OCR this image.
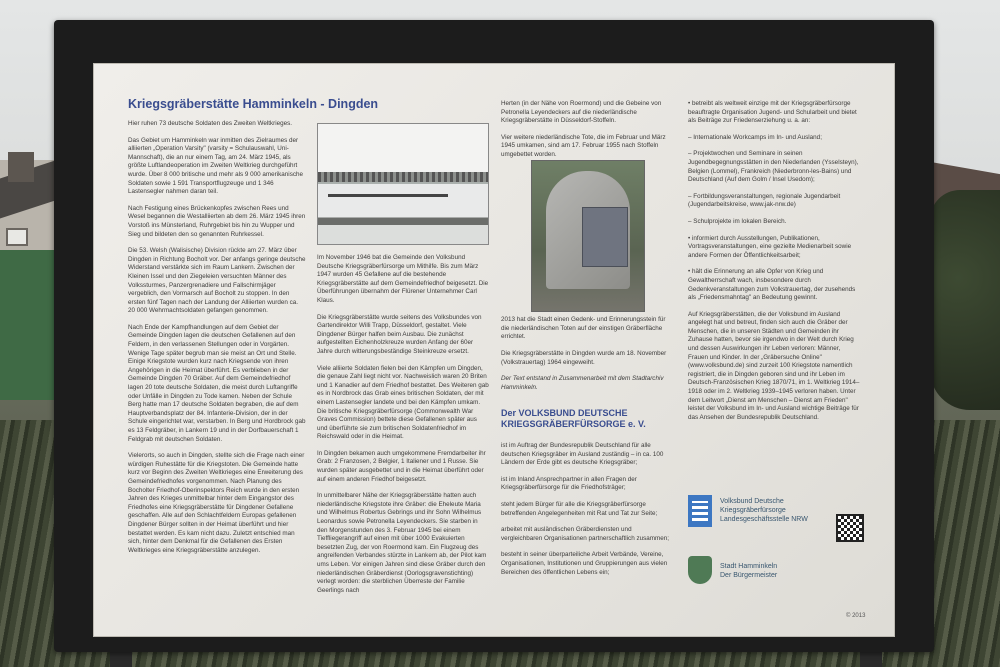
Kriegsgräberstätte Hamminkeln - Dingden

Hier ruhen 73 deutsche Soldaten des Zweiten Weltkrieges.

Das Gebiet um Hamminkeln war inmitten des Zielraumes der alliierten „Operation Varsity" (varsity = Schulauswahl, Uni-Mannschaft), die an nur einem Tag, am 24. März 1945, als größte Luftlandeoperation im Zweiten Weltkrieg durchgeführt wurde. Über 8 000 britische und mehr als 9 000 amerikanische Soldaten sowie 1 591 Transportflugzeuge und 1 346 Lastensegler nahmen daran teil.

Nach Festigung eines Brückenkopfes zwischen Rees und Wesel begannen die Westalliierten ab dem 26. März 1945 ihren Vorstoß ins Münsterland, Ruhrgebiet bis hin zu Wupper und Sieg und bildeten den so genannten Ruhrkessel.

Die 53. Welsh (Walisische) Division rückte am 27. März über Dingden in Richtung Bocholt vor. Der anfangs geringe deutsche Widerstand verstärkte sich im Raum Lankern. Zwischen der Kleinen Issel und den Ziegeleien versuchten Männer des Volkssturmes, Panzergrenadiere und Fallschirmjäger vergeblich, den Vormarsch auf Bocholt zu stoppen. In den ersten fünf Tagen nach der Landung der Alliierten wurden ca. 20 000 Wehrmachtsoldaten gefangen genommen.

Nach Ende der Kampfhandlungen auf dem Gebiet der Gemeinde Dingden lagen die deutschen Gefallenen auf den Feldern, in den verlassenen Stellungen oder in Vorgärten. Wenige Tage später begrub man sie meist an Ort und Stelle. Einige Kriegstote wurden kurz nach Kriegsende von ihren Angehörigen in die Heimat überführt. Es verblieben in der Gemeinde Dingden 70 Gräber. Auf dem Gemeindefriedhof lagen 20 tote deutsche Soldaten, die meist durch Luftangriffe oder Unfälle in Dingden zu Tode kamen. Neben der Schule Berg hatte man 17 deutsche Soldaten begraben, die auf dem Hauptverbandsplatz der 84. Infanterie-Division, der in der Schule eingerichtet war, verstarben. In Berg und Hordbrock gab es 13 Feldgräber, in Lankern 19 und in der Dorfbauerschaft 1 Feldgrab mit deutschen Soldaten.

Vielerorts, so auch in Dingden, stellte sich die Frage nach einer würdigen Ruhestätte für die Kriegstoten. Die Gemeinde hatte kurz vor Beginn des Zweiten Weltkrieges eine Erweiterung des Gemeindefriedhofes vorgenommen. Nach Planung des Bocholter Friedhof-Oberinspektors Reich wurde in den ersten Jahren des Krieges unmittelbar hinter dem Eingangstor des Friedhofes eine Kriegsgräberstätte für Dingdener Gefallene geschaffen. Alle auf den Schlachtfeldern Europas gefallenen Dingdener Bürger sollten in der Heimat überführt und hier bestattet werden. Es kam nicht dazu. Zuletzt entschied man sich, hinter dem Denkmal für die Gefallenen des Ersten Weltkrieges eine Kriegsgräberstätte anzulegen.

Im November 1946 bat die Gemeinde den Volksbund Deutsche Kriegsgräberfürsorge um Mithilfe. Bis zum März 1947 wurden 45 Gefallene auf die bestehende Kriegsgräberstätte auf dem Gemeindefriedhof beigesetzt. Die Überführungen übernahm der Flürener Unternehmer Carl Klaus.

Die Kriegsgräberstätte wurde seitens des Volksbundes von Gartendirektor Willi Trapp, Düsseldorf, gestaltet. Viele Dingdener Bürger halfen beim Ausbau. Die zunächst aufgestellten Eichenholzkreuze wurden Anfang der 60er Jahre durch witterungsbeständige Steinkreuze ersetzt.

Viele alliierte Soldaten fielen bei den Kämpfen um Dingden, die genaue Zahl liegt nicht vor. Nachweislich waren 20 Briten und 1 Kanadier auf dem Friedhof bestattet. Des Weiteren gab es in Nordbrock das Grab eines britischen Soldaten, der mit einem Lastensegler landete und bei den Kämpfen umkam. Die britische Kriegsgräberfürsorge (Commonwealth War Graves Commission) bettete diese Gefallenen später aus und überführte sie zum britischen Soldatenfriedhof im Reichswald oder in die Heimat.

In Dingden bekamen auch umgekommene Fremdarbeiter ihr Grab: 2 Franzosen, 2 Belgier, 1 Italiener und 1 Russe. Sie wurden später ausgebettet und in die Heimat überführt oder auf einem anderen Friedhof beigesetzt.

In unmittelbarer Nähe der Kriegsgräberstätte hatten auch niederländische Kriegstote ihre Gräber: die Eheleute Maria und Wilhelmus Robertus Gebrings und ihr Sohn Wilhelmus Leonardus sowie Petronella Leyendeckers. Sie starben in den Morgenstunden des 3. Februar 1945 bei einem Tieffliegerangriff auf einen mit über 1000 Evakuierten besetzten Zug, der von Roermond kam. Ein Flugzeug des angreifenden Verbandes stürzte in Lankern ab, der Pilot kam ums Leben. Vor einigen Jahren sind diese Gräber durch den niederländischen Gräberdienst (Oorlogsgravenstichting) verlegt worden: die sterblichen Überreste der Familie Geerlings nach

Herten (in der Nähe von Roermond) und die Gebeine von Petronella Leyendeckers auf die niederländische Kriegsgräberstätte in Düsseldorf-Stoffeln.

Vier weitere niederländische Tote, die im Februar und März 1945 umkamen, sind am 17. Februar 1955 nach Stoffeln umgebettet worden.

2013 hat die Stadt einen Gedenk- und Erinnerungsstein für die niederländischen Toten auf der einstigen Gräberfläche errichtet.

Die Kriegsgräberstätte in Dingden wurde am 18. November (Volkstrauertag) 1964 eingeweiht.

Der Text entstand in Zusammenarbeit mit dem Stadtarchiv Hamminkeln.

Der VOLKSBUND DEUTSCHE KRIEGSGRÄBERFÜRSORGE e. V.

ist im Auftrag der Bundesrepublik Deutschland für alle deutschen Kriegsgräber im Ausland zuständig – in ca. 100 Ländern der Erde gibt es deutsche Kriegsgräber;

ist im Inland Ansprechpartner in allen Fragen der Kriegsgräberfürsorge für die Friedhofsträger;

steht jedem Bürger für alle die Kriegsgräberfürsorge betreffenden Angelegenheiten mit Rat und Tat zur Seite;

arbeitet mit ausländischen Gräberdiensten und vergleichbaren Organisationen partnerschaftlich zusammen;

besteht in seiner überparteiliche Arbeit Verbände, Vereine, Organisationen, Institutionen und Gruppierungen aus vielen Bereichen des öffentlichen Lebens ein;

• betreibt als weltweit einzige mit der Kriegsgräberfürsorge beauftragte Organisation Jugend- und Schularbeit und bietet als Beiträge zur Friedenserziehung u. a. an:

– Internationale Workcamps im In- und Ausland;

– Projektwochen und Seminare in seinen Jugendbegegnungsstätten in den Niederlanden (Ysselsteyn), Belgien (Lommel), Frankreich (Niederbronn-les-Bains) und Deutschland (Auf dem Golm / Insel Usedom);

– Fortbildungsveranstaltungen, regionale Jugendarbeit (Jugendarbeitskreise, www.jak-nrw.de)

– Schulprojekte im lokalen Bereich.

• informiert durch Ausstellungen, Publikationen, Vortragsveranstaltungen, eine gezielte Medienarbeit sowie andere Formen der Öffentlichkeitsarbeit;

• hält die Erinnerung an alle Opfer von Krieg und Gewaltherrschaft wach, insbesondere durch Gedenkveranstaltungen zum Volkstrauertag, der zusehends als „Friedensmahntag" an Bedeutung gewinnt.

Auf Kriegsgräberstätten, die der Volksbund im Ausland angelegt hat und betreut, finden sich auch die Gräber der Menschen, die in unseren Städten und Gemeinden ihr Zuhause hatten, bevor sie irgendwo in der Welt durch Krieg und dessen Auswirkungen ihr Leben verloren: Männer, Frauen und Kinder. In der „Gräbersuche Online" (www.volksbund.de) sind zurzeit 100 Kriegstote namentlich registriert, die in Dingden geboren sind und ihr Leben im Deutsch-Französischen Krieg 1870/71, im 1. Weltkrieg 1914–1918 oder im 2. Weltkrieg 1939–1945 verloren haben. Unter dem Leitwort „Dienst am Menschen – Dienst am Frieden" leistet der Volksbund im In- und Ausland wichtige Beiträge für das Ansehen der Bundesrepublik Deutschland.

Volksbund Deutsche
Kriegsgräberfürsorge
Landesgeschäftsstelle NRW
Stadt Hamminkeln
Der Bürgermeister
© 2013
